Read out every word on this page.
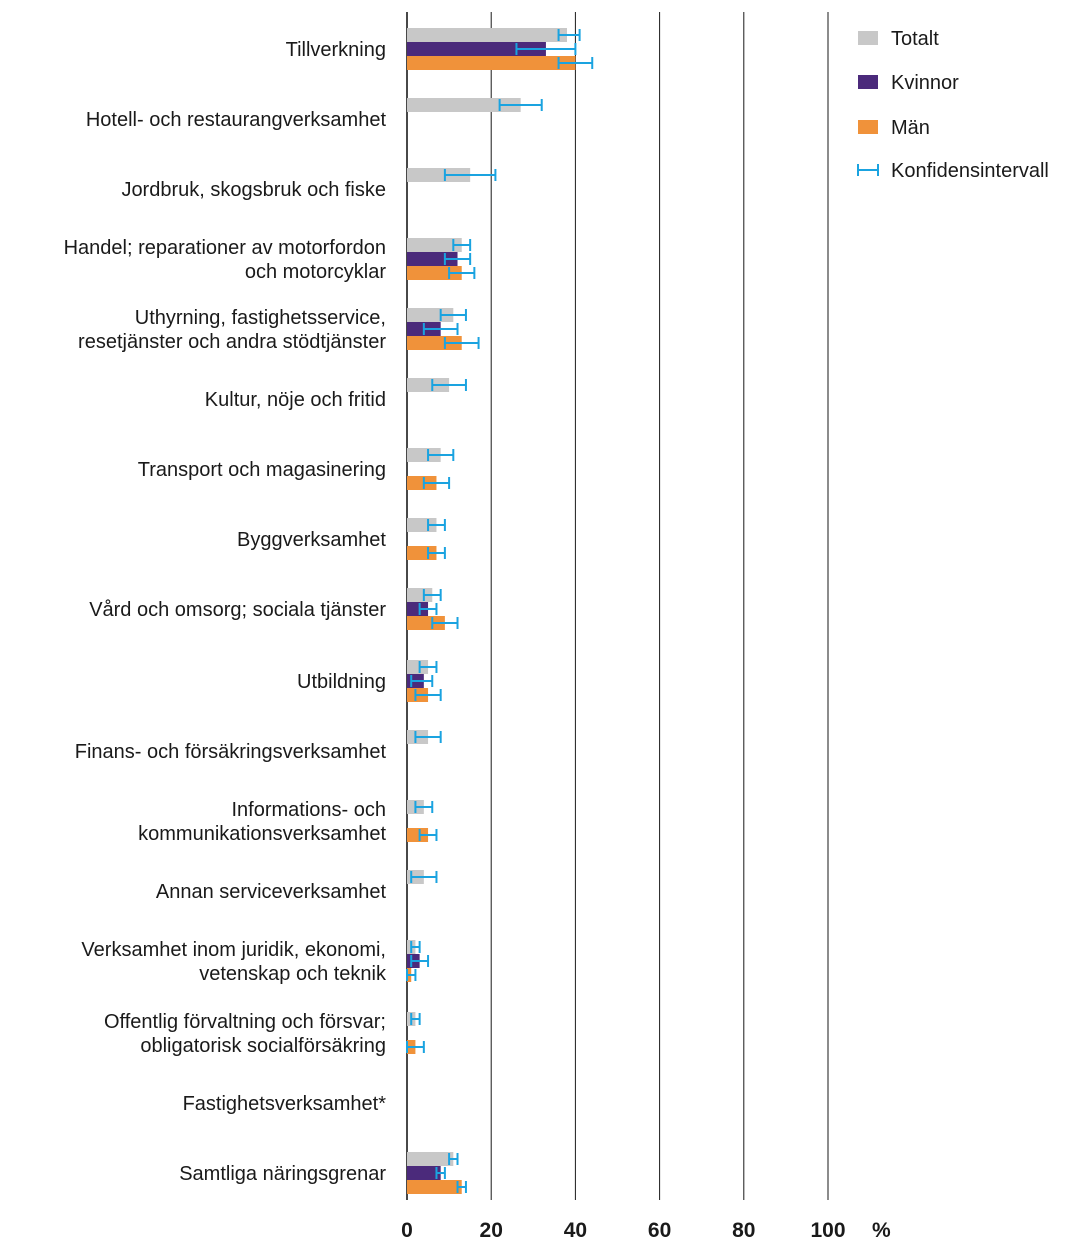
Tillverkning
Hotell- och restaurangverksamhet
Jordbruk, skogsbruk och fiske
Handel; reparationer av motorfordon
och motorcyklar
Uthyrning, fastighetsservice,
resetjänster och andra stödtjänster
Kultur, nöje och fritid
Transport och magasinering
Byggverksamhet
Vård och omsorg; sociala tjänster
Utbildning
Finans- och försäkringsverksamhet
Informations- och
kommunikationsverksamhet
Annan serviceverksamhet
Verksamhet inom juridik, ekonomi,
vetenskap och teknik
Offentlig förvaltning och försvar;
obligatorisk socialförsäkring
Fastighetsverksamhet*
Samtliga näringsgrenar
0	20	40	60	80	100 %
Totalt
Kvinnor
Män
Konfidensintervall
